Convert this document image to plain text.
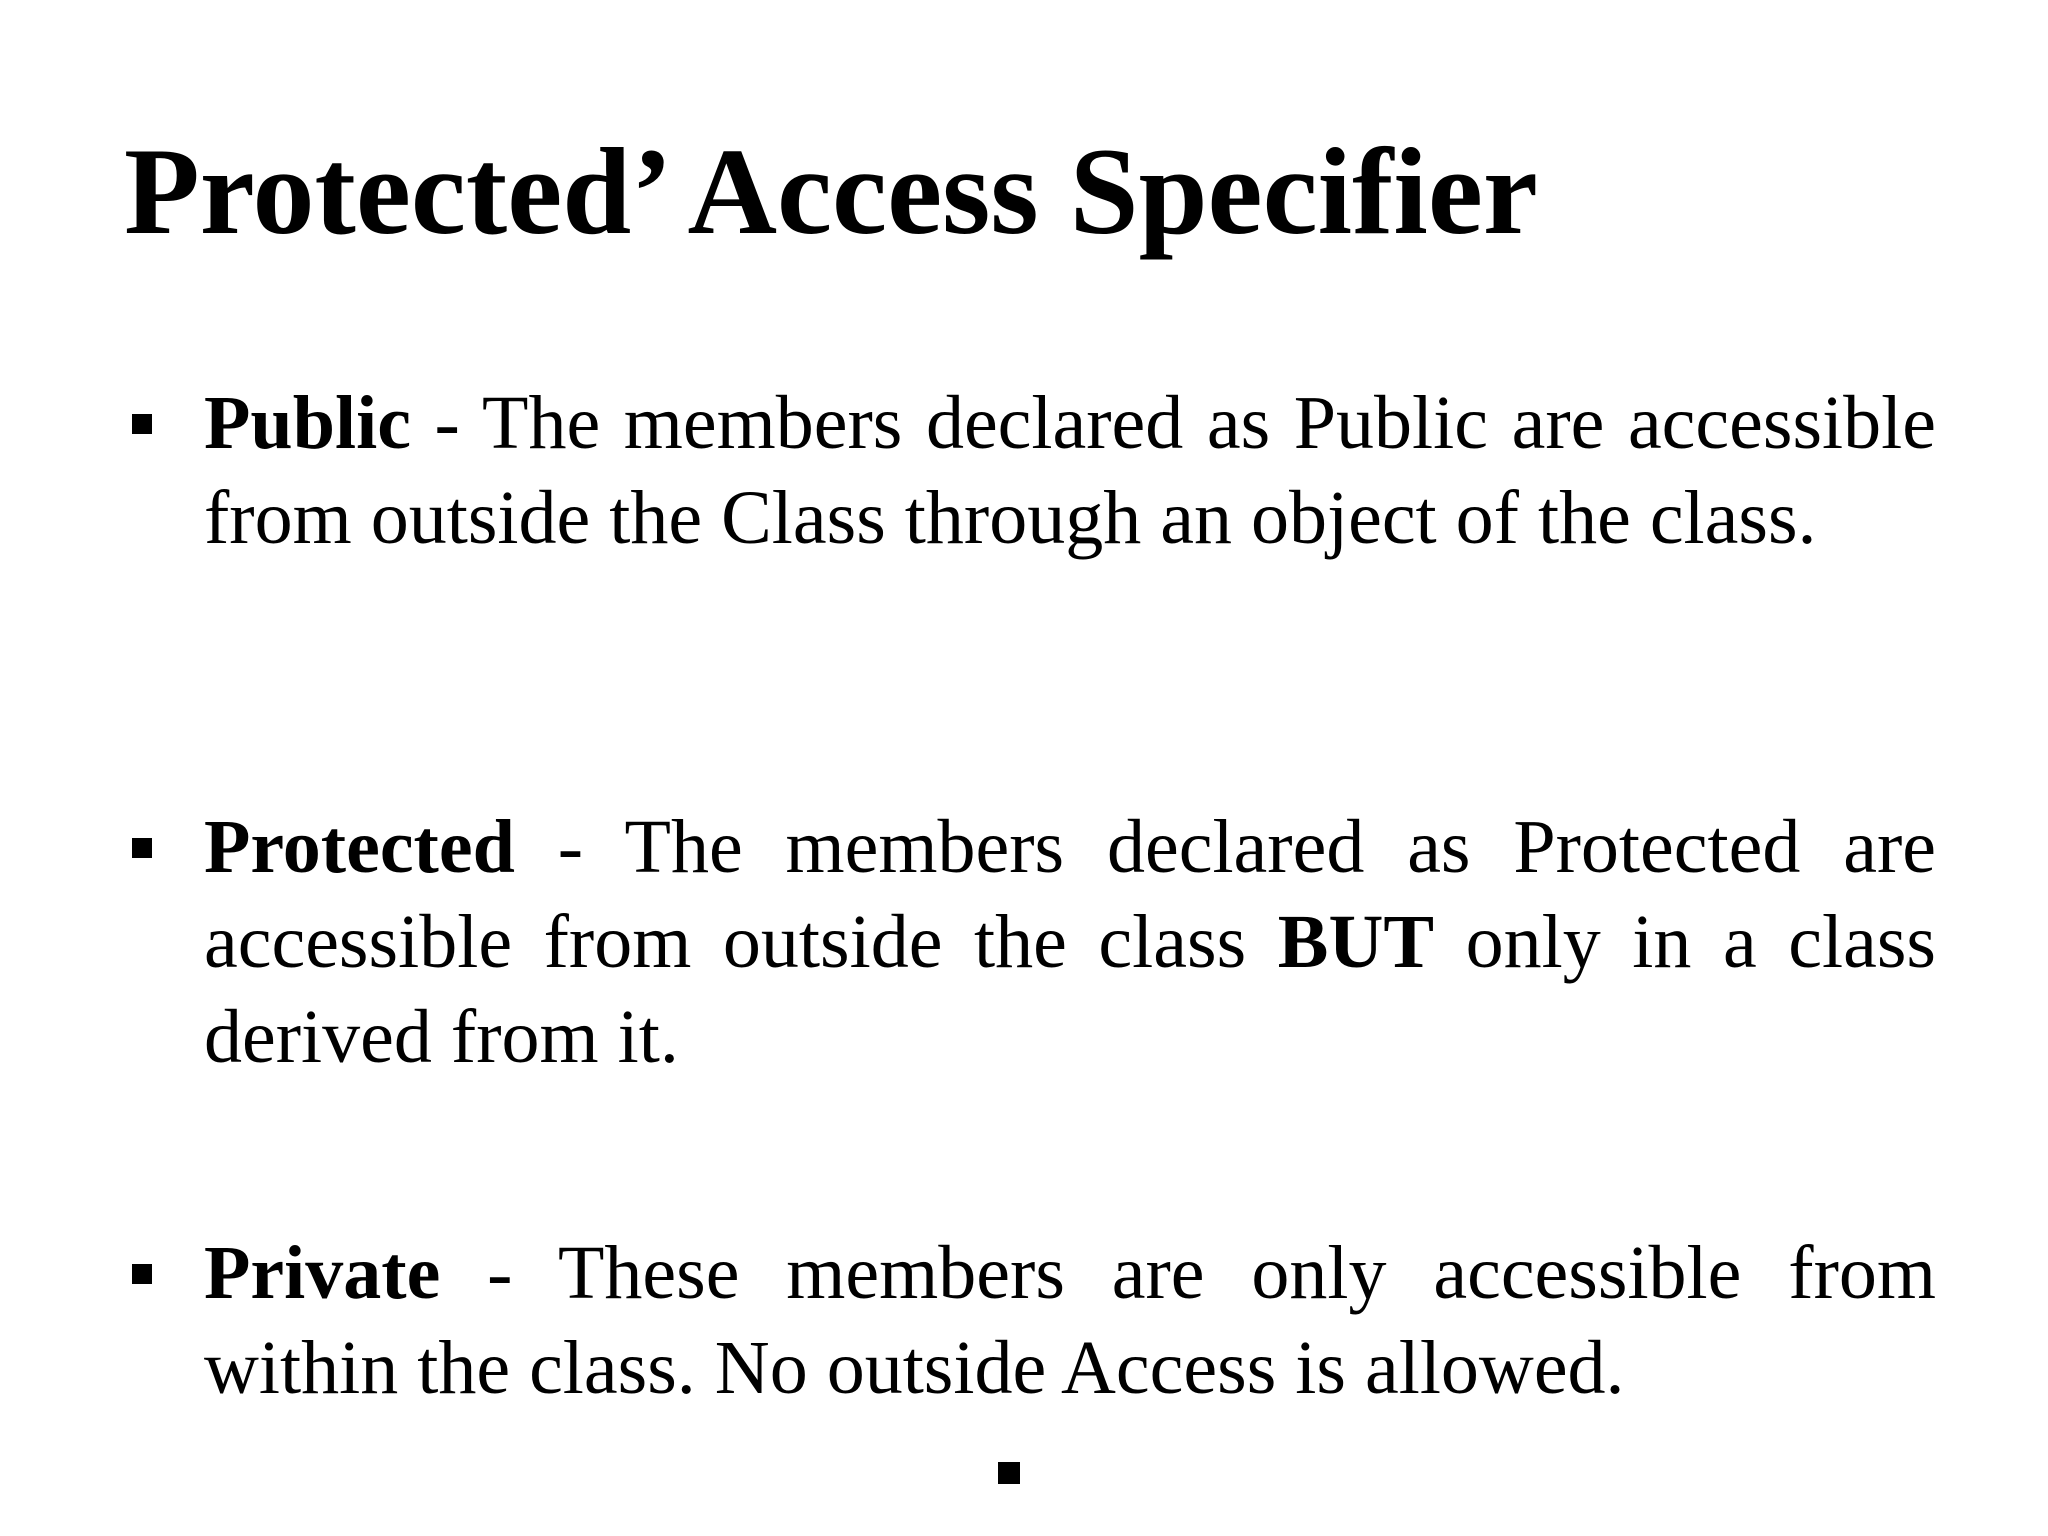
Protected’ Access Specifier

Public - The members declared as Public are accessible from outside the Class through an object of the class.

Protected - The members declared as Protected are accessible from outside the class BUT only in a class derived from it.

Private - These members are only accessible from within the class. No outside Access is allowed.
